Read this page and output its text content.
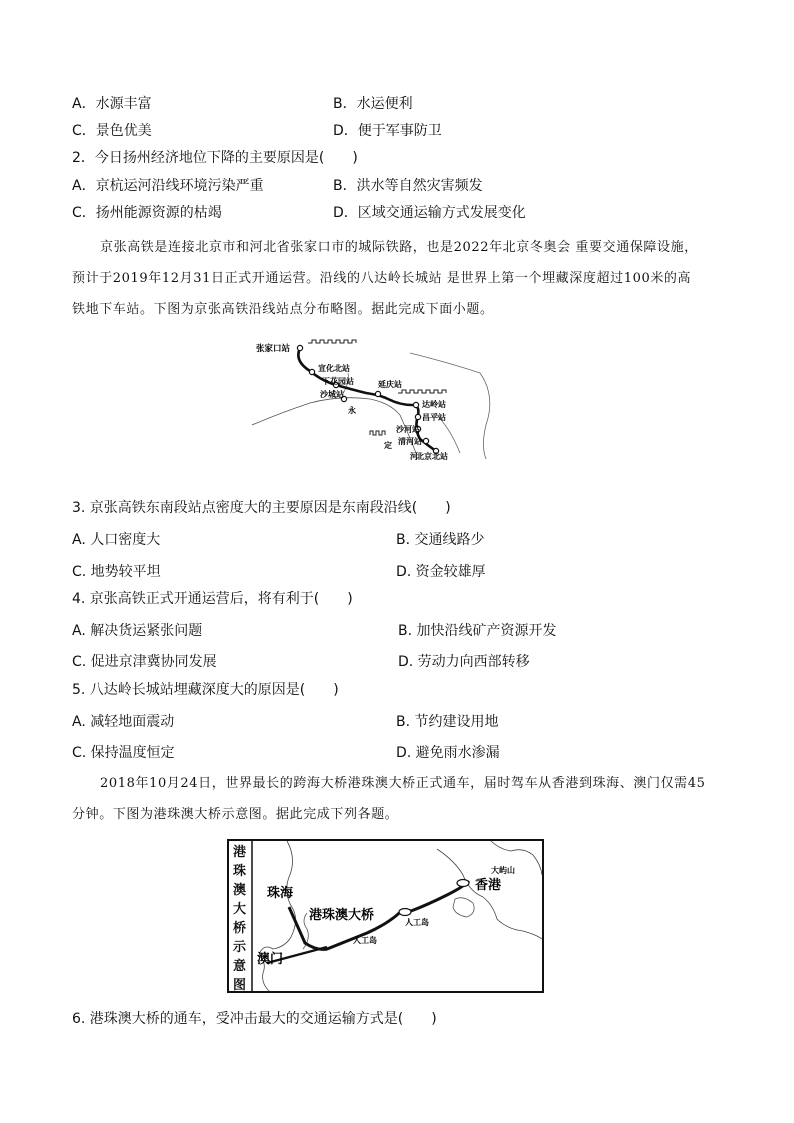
A．水源丰富	B．水运便利
C．景色优美	D．便于军事防卫
2．今日扬州经济地位下降的主要原因是(　　)
A．京杭运河沿线环境污染严重	B．洪水等自然灾害频发
C．扬州能源资源的枯竭	D．区域交通运输方式发展变化
京张高铁是连接北京市和河北省张家口市的城际铁路，也是2022年北京冬奥会 重要交通保障设施，
预计于2019年12月31日正式开通运营。沿线的八达岭长城站 是世界上第一个埋藏深度超过100米的高
铁地下车站。下图为京张高铁沿线站点分布略图。据此完成下面小题。
张家口站
宣化北站
下花园站
沙城站
延庆站
达岭站
昌平站
沙河站
清河站
北京北站
永
定
河
3. 京张高铁东南段站点密度大的主要原因是东南段沿线(　　)
A. 人口密度大	B. 交通线路少
C. 地势较平坦	D. 资金较雄厚
4. 京张高铁正式开通运营后，将有利于(　　)
A. 解决货运紧张问题	B. 加快沿线矿产资源开发
C. 促进京津冀协同发展	D. 劳动力向西部转移
5. 八达岭长城站埋藏深度大的原因是(　　)
A. 减轻地面震动	B. 节约建设用地
C. 保持温度恒定	D. 避免雨水渗漏
2018年10月24日，世界最长的跨海大桥港珠澳大桥正式通车，届时驾车从香港到珠海、澳门仅需45
分钟。下图为港珠澳大桥示意图。据此完成下列各题。
港
珠
澳
大
桥
示
意
图
珠海
港珠澳大桥	人工岛
人工岛
大屿山
香港
澳门
6. 港珠澳大桥的通车，受冲击最大的交通运输方式是(　　)
